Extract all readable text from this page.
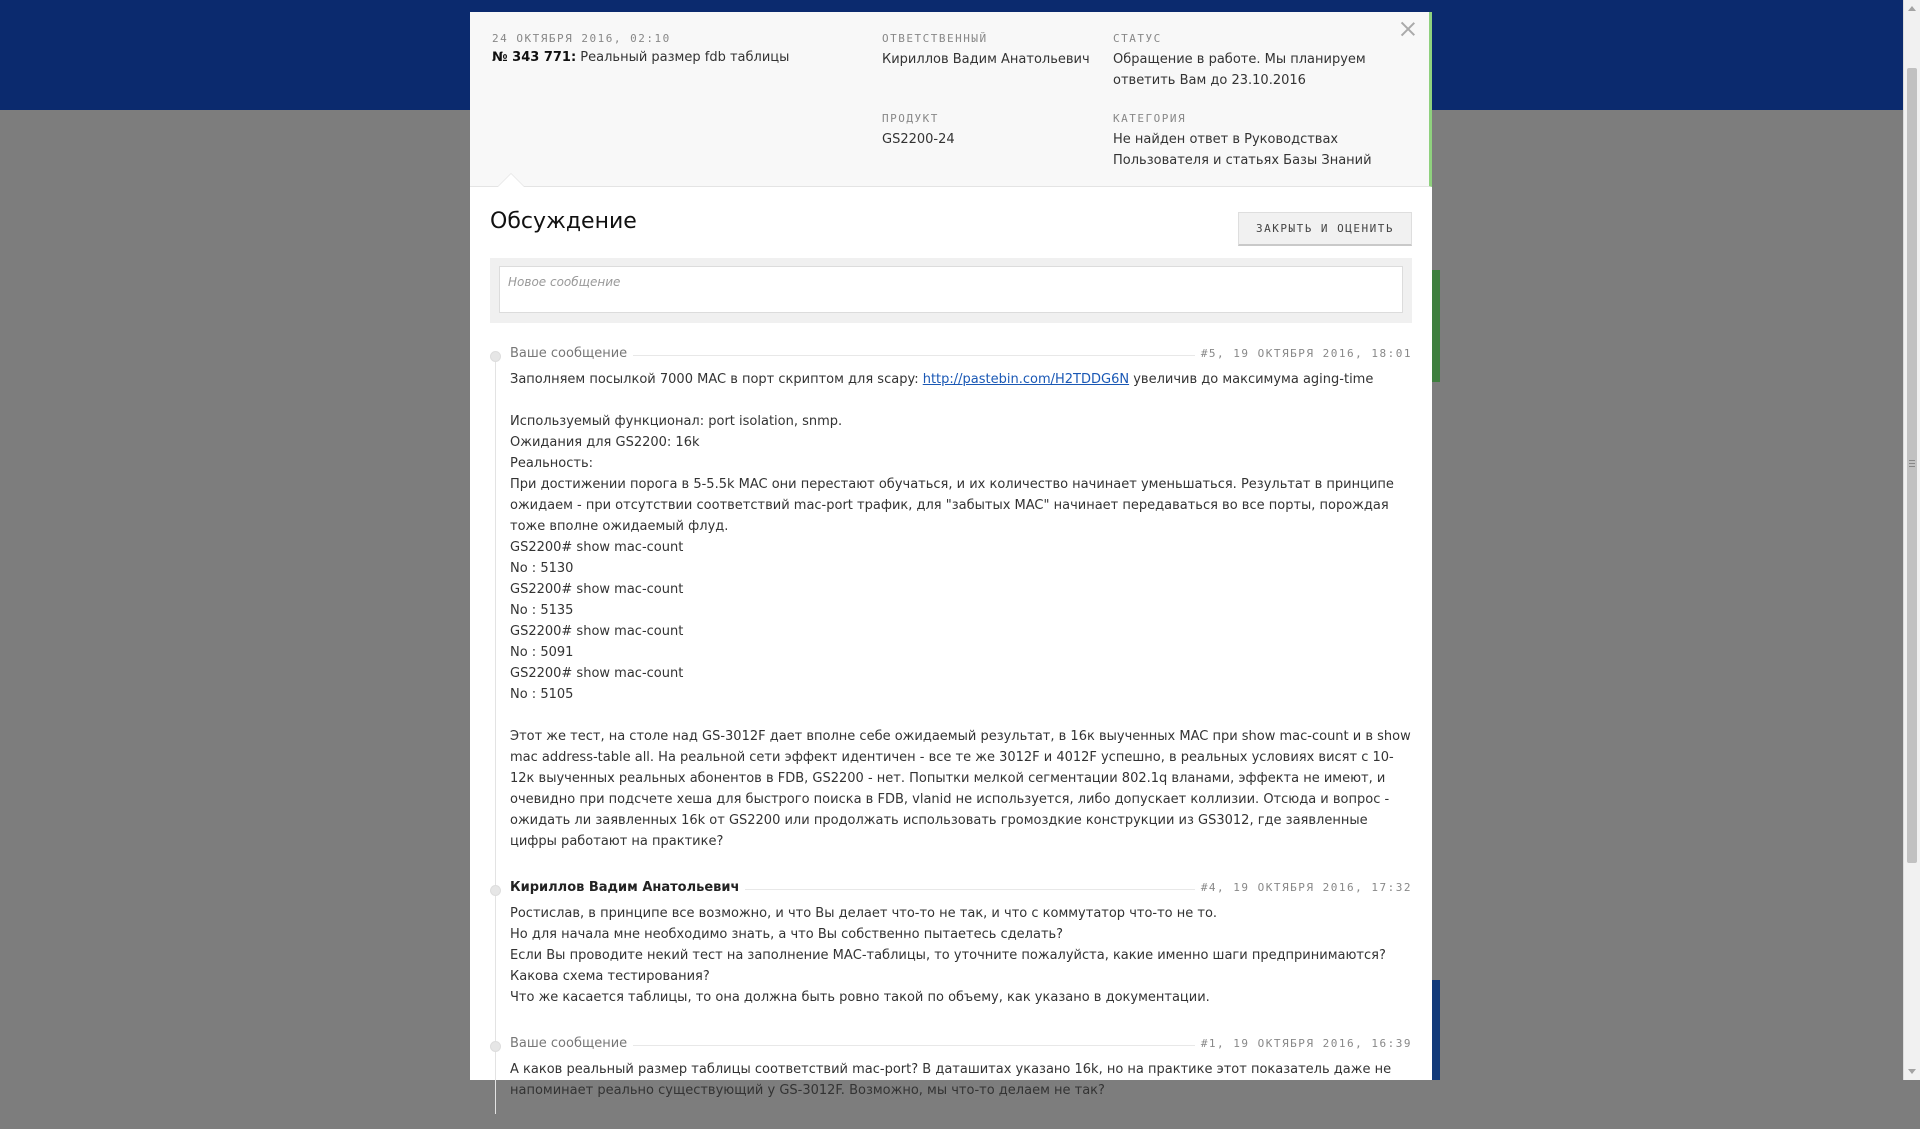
24 ОКТЯБРЯ 2016, 02:10
№ 343 771: Реальный размер fdb таблицы
ОТВЕТСТВЕННЫЙ
Кириллов Вадим Анатольевич
СТАТУС
Обращение в работе. Мы планируем ответить Вам до 23.10.2016
ПРОДУКТ
GS2200-24
КАТЕГОРИЯ
Не найден ответ в Руководствах Пользователя и статьях Базы Знаний
Обсуждение	ЗАКРЫТЬ И ОЦЕНИТЬ
Новое сообщение
Ваше сообщение	#5, 19 ОКТЯБРЯ 2016, 18:01

Заполняем посылкой 7000 MAC в порт скриптом для scapy: http://pastebin.com/H2TDDG6N увеличив до максимума aging-time

Используемый функционал: port isolation, snmp.

Ожидания для GS2200: 16k

Реальность:

При достижении порога в 5-5.5k MAC они перестают обучаться, и их количество начинает уменьшаться. Результат в принципе ожидаем - при отсутствии соответствий mac-port трафик, для "забытых MAC" начинает передаваться во все порты, порождая тоже вполне ожидаемый флуд.

GS2200# show mac-count

No : 5130

GS2200# show mac-count

No : 5135

GS2200# show mac-count

No : 5091

GS2200# show mac-count

No : 5105

Этот же тест, на столе над GS-3012F дает вполне себе ожидаемый результат, в 16к выученных MAC при show mac-count и в show mac address-table all. На реальной сети эффект идентичен - все те же 3012F и 4012F успешно, в реальных условиях висят с 10-12к выученных реальных абонентов в FDB, GS2200 - нет. Попытки мелкой сегментации 802.1q вланами, эффекта не имеют, и очевидно при подсчете хеша для быстрого поиска в FDB, vlanid не используется, либо допускает коллизии. Отсюда и вопрос - ожидать ли заявленных 16k от GS2200 или продолжать использовать громоздкие конструкции из GS3012, где заявленные цифры работают на практике?

Кириллов Вадим Анатольевич	#4, 19 ОКТЯБРЯ 2016, 17:32

Ростислав, в принципе все возможно, и что Вы делает что-то не так, и что с коммутатор что-то не то.

Но для начала мне необходимо знать, а что Вы собственно пытаетесь сделать?

Если Вы проводите некий тест на заполнение МАС-таблицы, то уточните пожалуйста, какие именно шаги предпринимаются?

Какова схема тестирования?

Что же касается таблицы, то она должна быть ровно такой по объему, как указано в документации.

Ваше сообщение	#1, 19 ОКТЯБРЯ 2016, 16:39

А каков реальный размер таблицы соответствий mac-port? В даташитах указано 16k, но на практике этот показатель даже не напоминает реально существующий у GS-3012F. Возможно, мы что-то делаем не так?
